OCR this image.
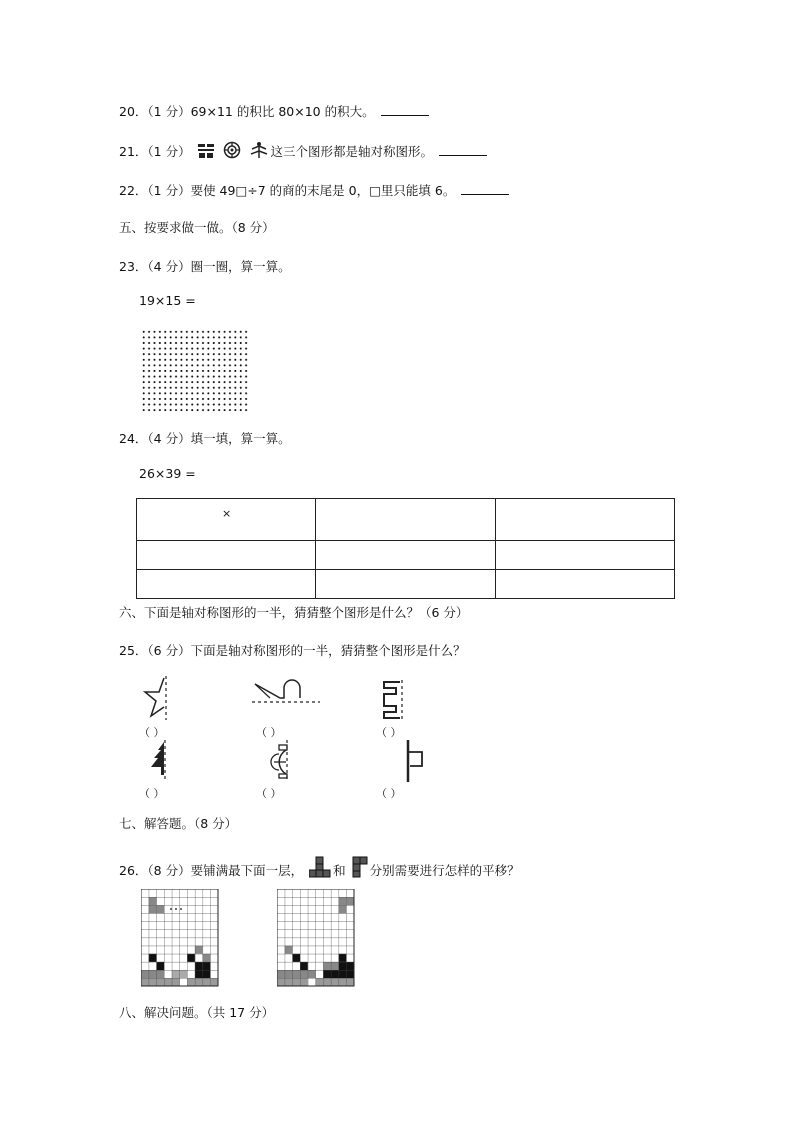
20．（1 分）69×11 的积比 80×10 的积大。
21．（1 分）	这三个图形都是轴对称图形。
22．（1 分）要使 49□÷7 的商的末尾是 0，□里只能填 6。
五、按要求做一做。（8 分）
23．（4 分）圈一圈，算一算。
19×15 =
24．（4 分）填一填，算一算。
26×39 =

×
六、下面是轴对称图形的一半，猜猜整个图形是什么？（6 分）
25．（6 分）下面是轴对称图形的一半，猜猜整个图形是什么？
（ ）	（ ）	（ ）
（ ）	（ ）	（ ）
七、解答题。（8 分）
26．（8 分）要铺满最下面一层， 和 分别需要进行怎样的平移？
八、解决问题。（共 17 分）
